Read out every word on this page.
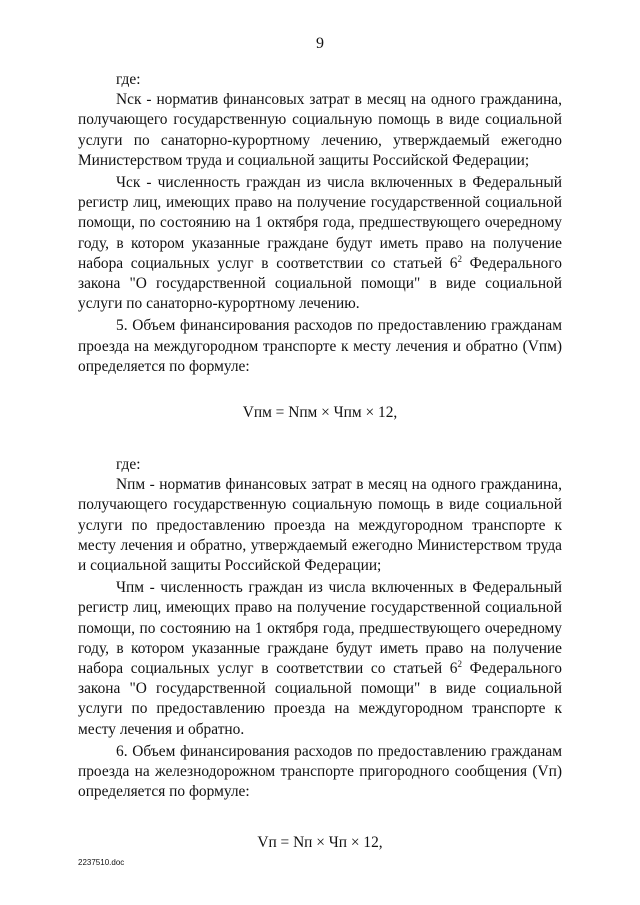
9

где:

Nск - норматив финансовых затрат в месяц на одного гражданина, получающего государственную социальную помощь в виде социальной услуги по санаторно-курортному лечению, утверждаемый ежегодно Министерством труда и социальной защиты Российской Федерации;

Чск - численность граждан из числа включенных в Федеральный регистр лиц, имеющих право на получение государственной социальной помощи, по состоянию на 1 октября года, предшествующего очередному году, в котором указанные граждане будут иметь право на получение набора социальных услуг в соответствии со статьей $6^2$ Федерального закона "О государственной социальной помощи" в виде социальной услуги по санаторно-курортному лечению.

5. Объем финансирования расходов по предоставлению гражданам проезда на междугородном транспорте к месту лечения и обратно (Vпм) определяется по формуле:

Vпм = Nпм × Чпм × 12,

где:

Nпм - норматив финансовых затрат в месяц на одного гражданина, получающего государственную социальную помощь в виде социальной услуги по предоставлению проезда на междугородном транспорте к месту лечения и обратно, утверждаемый ежегодно Министерством труда и социальной защиты Российской Федерации;

Чпм - численность граждан из числа включенных в Федеральный регистр лиц, имеющих право на получение государственной социальной помощи, по состоянию на 1 октября года, предшествующего очередному году, в котором указанные граждане будут иметь право на получение набора социальных услуг в соответствии со статьей $6^2$ Федерального закона "О государственной социальной помощи" в виде социальной услуги по предоставлению проезда на междугородном транспорте к месту лечения и обратно.

6. Объем финансирования расходов по предоставлению гражданам проезда на железнодорожном транспорте пригородного сообщения (Vп) определяется по формуле:

Vп = Nп × Чп × 12,
2237510.doc
